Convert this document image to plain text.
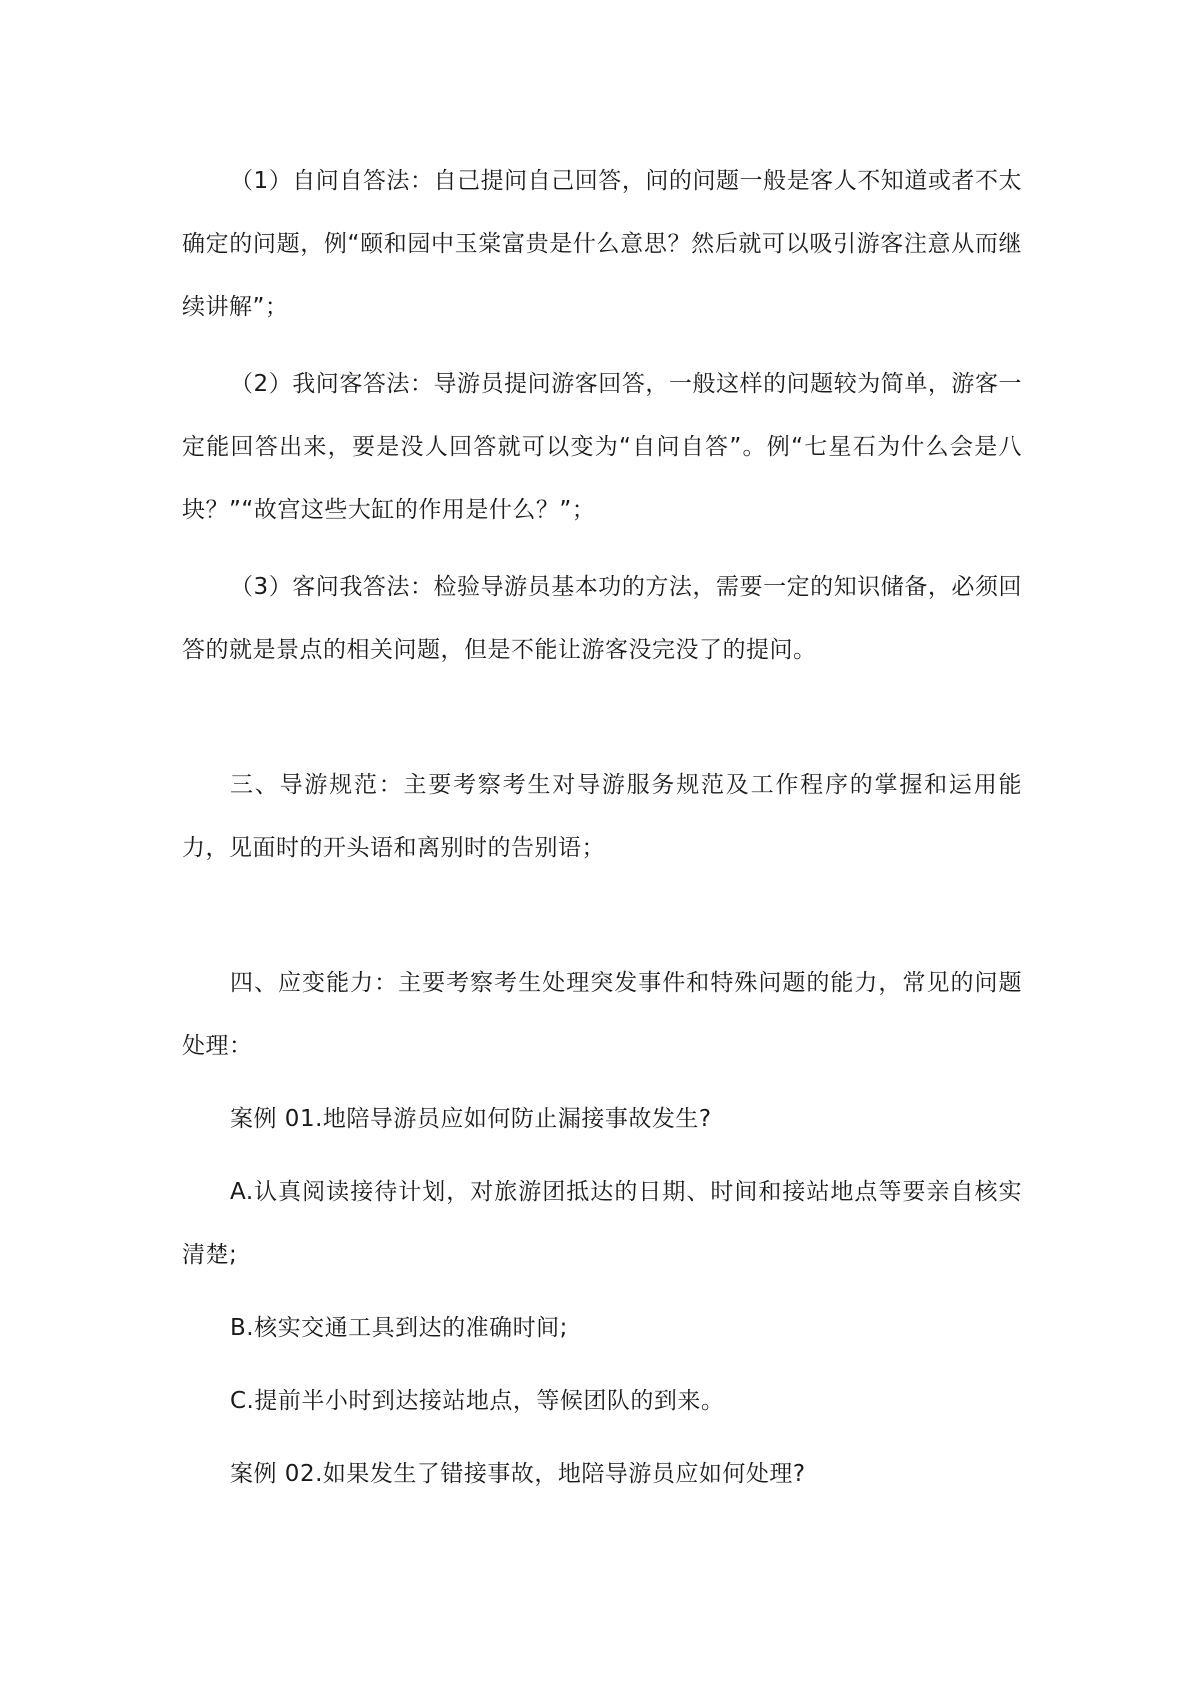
（1）自问自答法：自己提问自己回答，问的问题一般是客人不知道或者不太确定的问题，例“颐和园中玉棠富贵是什么意思？然后就可以吸引游客注意从而继续讲解”；

（2）我问客答法：导游员提问游客回答，一般这样的问题较为简单，游客一定能回答出来，要是没人回答就可以变为“自问自答”。例“七星石为什么会是八块？”“故宫这些大缸的作用是什么？”；

（3）客问我答法：检验导游员基本功的方法，需要一定的知识储备，必须回答的就是景点的相关问题，但是不能让游客没完没了的提问。

三、导游规范：主要考察考生对导游服务规范及工作程序的掌握和运用能力，见面时的开头语和离别时的告别语；

四、应变能力：主要考察考生处理突发事件和特殊问题的能力，常见的问题处理：

案例 01.地陪导游员应如何防止漏接事故发生?

A.认真阅读接待计划，对旅游团抵达的日期、时间和接站地点等要亲自核实清楚;

B.核实交通工具到达的准确时间;

C.提前半小时到达接站地点，等候团队的到来。

案例 02.如果发生了错接事故，地陪导游员应如何处理?
